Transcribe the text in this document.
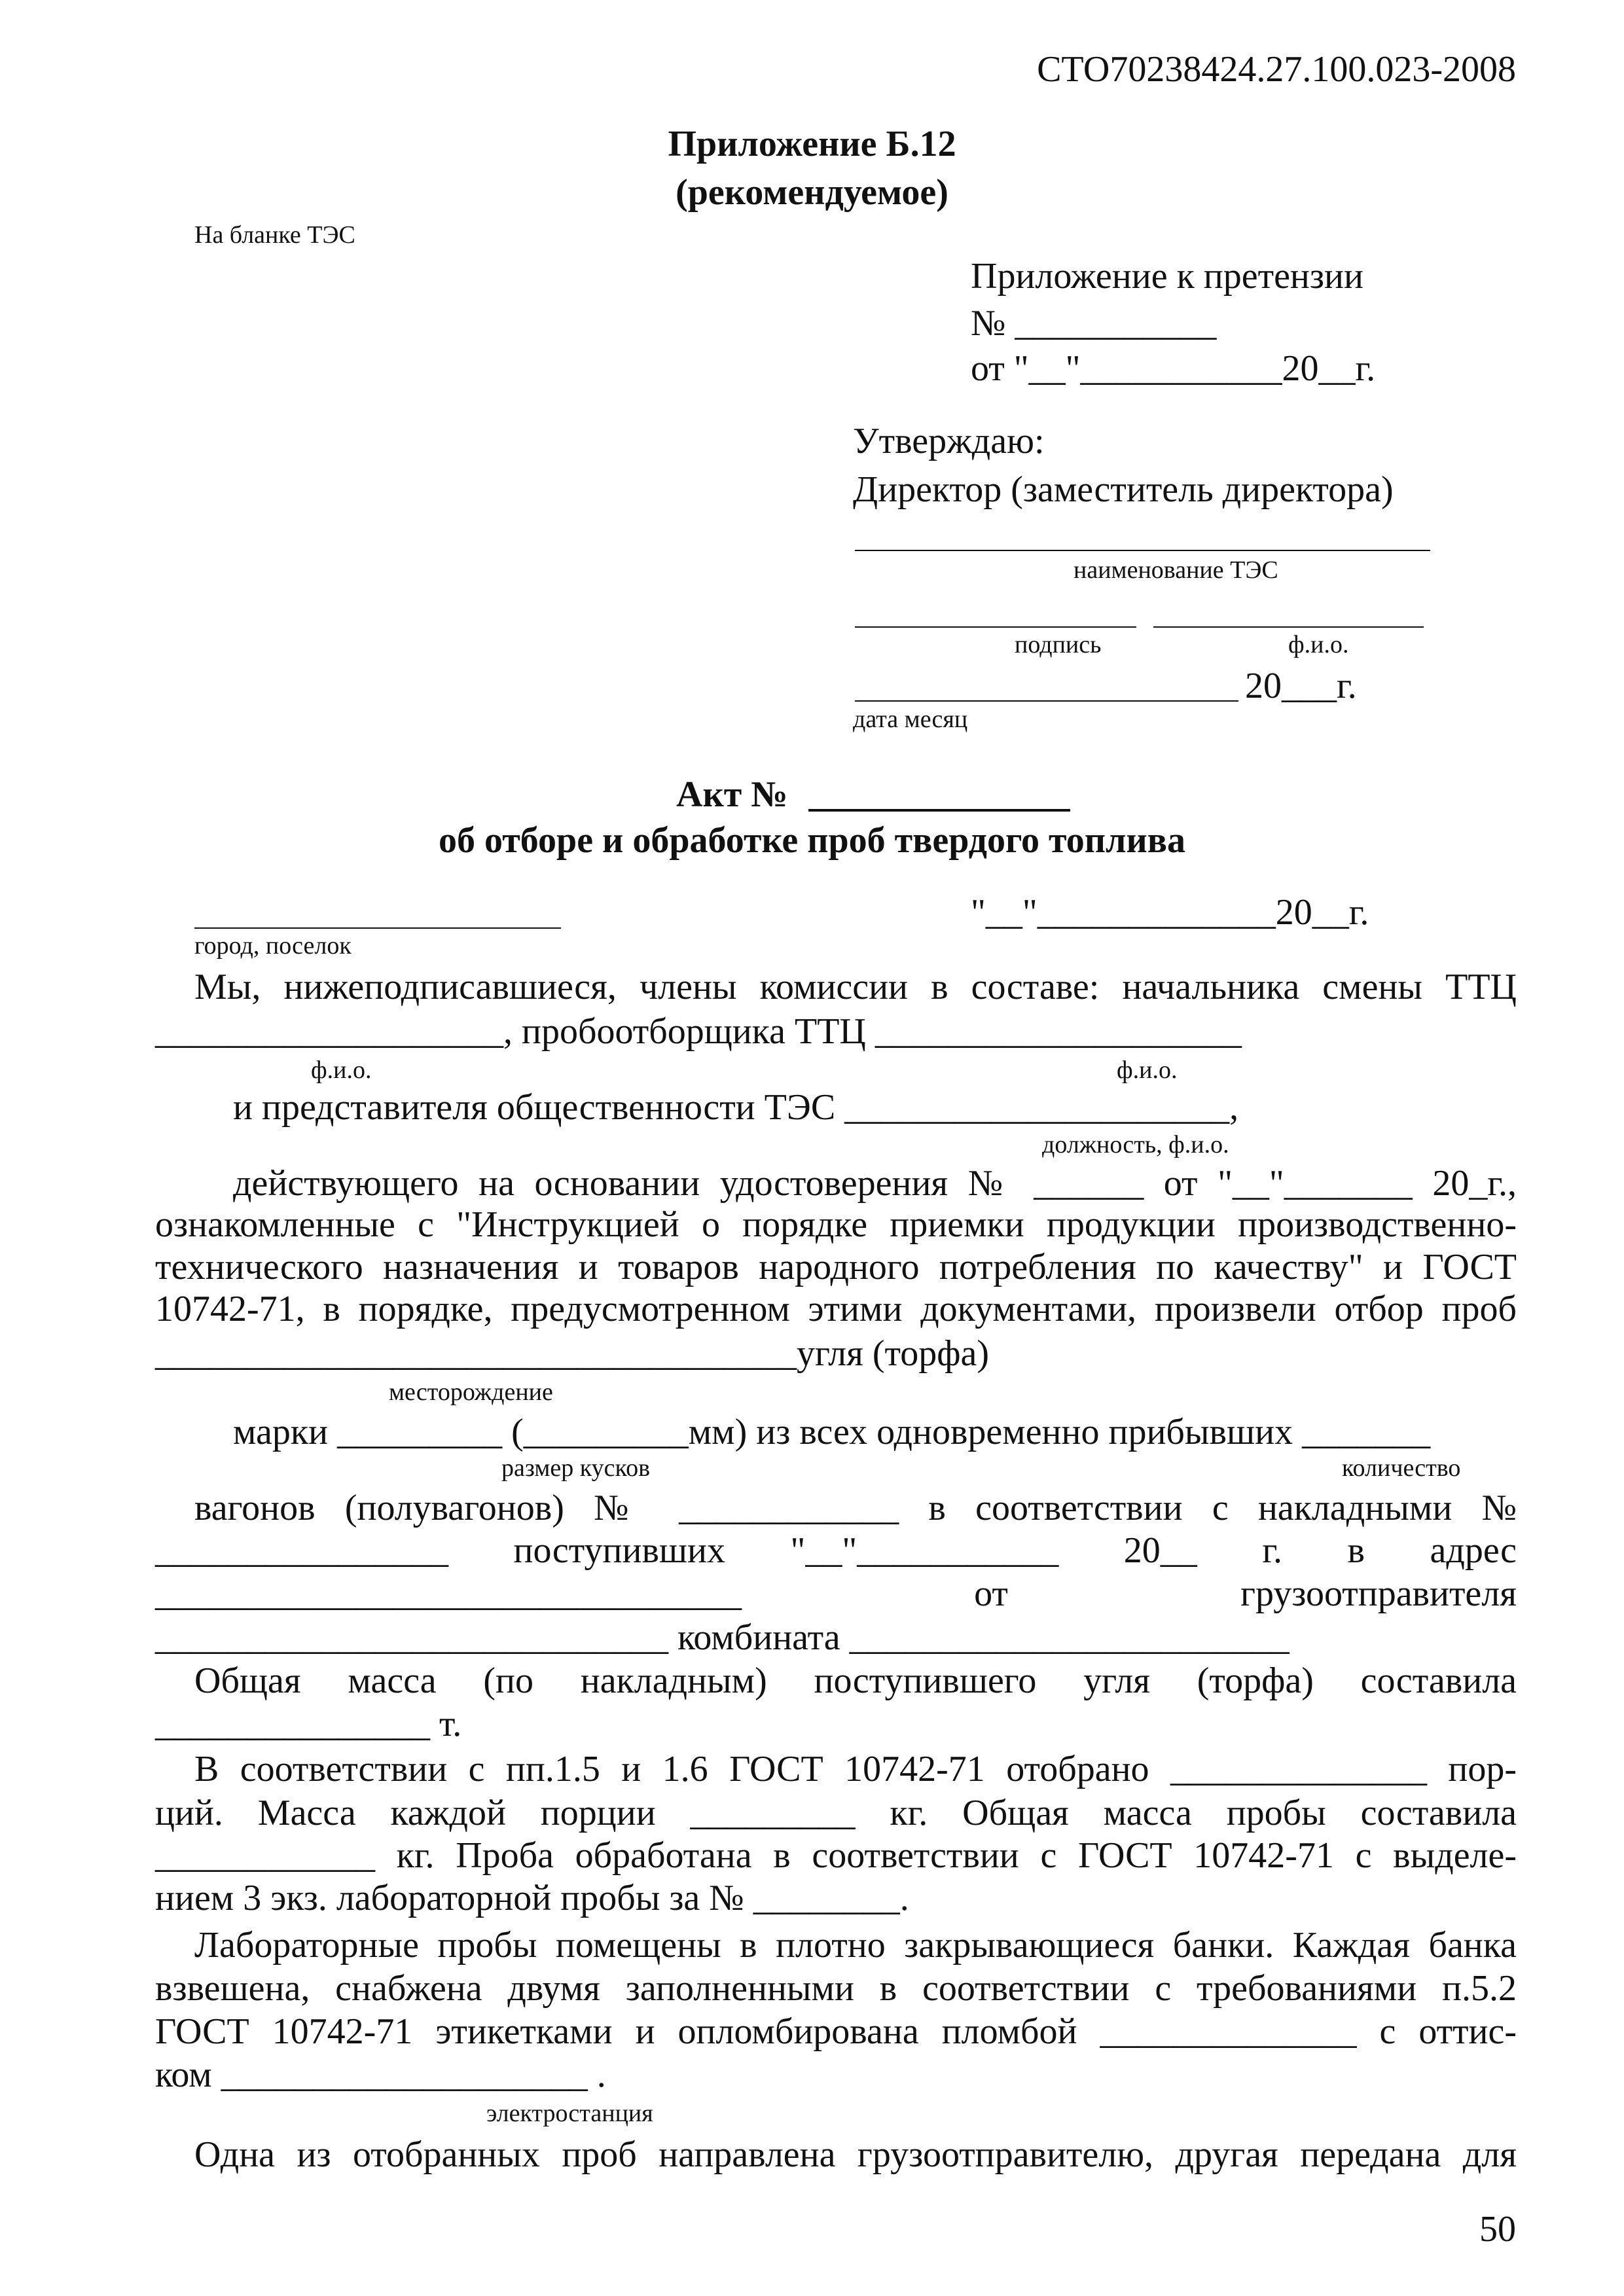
СТО70238424.27.100.023-2008
Приложение Б.12
(рекомендуемое)
На бланке ТЭС
Приложение к претензии
№ ___________
от "__"___________20__г.
Утверждаю:
Директор (заместитель директора)
наименование ТЭС
подпись	ф.и.о.
20___г.
дата месяц
Акт №
об отборе и обработке проб твердого топлива
"__"_____________20__г.
город, поселок
Мы, нижеподписавшиеся, члены комиссии в составе: начальника смены ТТЦ
___________________, пробоотборщика ТТЦ ____________________
ф.и.о.	ф.и.о.
и представителя общественности ТЭС _____________________,
должность, ф.и.о.
действующего на основании удостоверения № ______ от "__"_______ 20_г.,
ознакомленные с "Инструкцией о порядке приемки продукции производственно-
технического назначения и товаров народного потребления по качеству" и ГОСТ
10742-71, в порядке, предусмотренном этими документами, произвели отбор проб
___________________________________угля (торфа)
месторождение
марки _________ (_________мм) из всех одновременно прибывших _______
размер кусков	количество
вагонов (полувагонов) № ____________ в соответствии с накладными №
________________ поступивших "__"___________ 20__ г. в адрес
________________________________ от грузоотправителя
____________________________ комбината ________________________
Общая масса (по накладным) поступившего угля (торфа) составила
_______________ т.
В соответствии с пп.1.5 и 1.6 ГОСТ 10742-71 отобрано ______________ пор-
ций. Масса каждой порции _________ кг. Общая масса пробы составила
____________ кг. Проба обработана в соответствии с ГОСТ 10742-71 с выделе-
нием 3 экз. лабораторной пробы за № ________.
Лабораторные пробы помещены в плотно закрывающиеся банки. Каждая банка
взвешена, снабжена двумя заполненными в соответствии с требованиями п.5.2
ГОСТ 10742-71 этикетками и опломбирована пломбой ______________ с оттис-
ком ____________________ .
электростанция
Одна из отобранных проб направлена грузоотправителю, другая передана для
50
